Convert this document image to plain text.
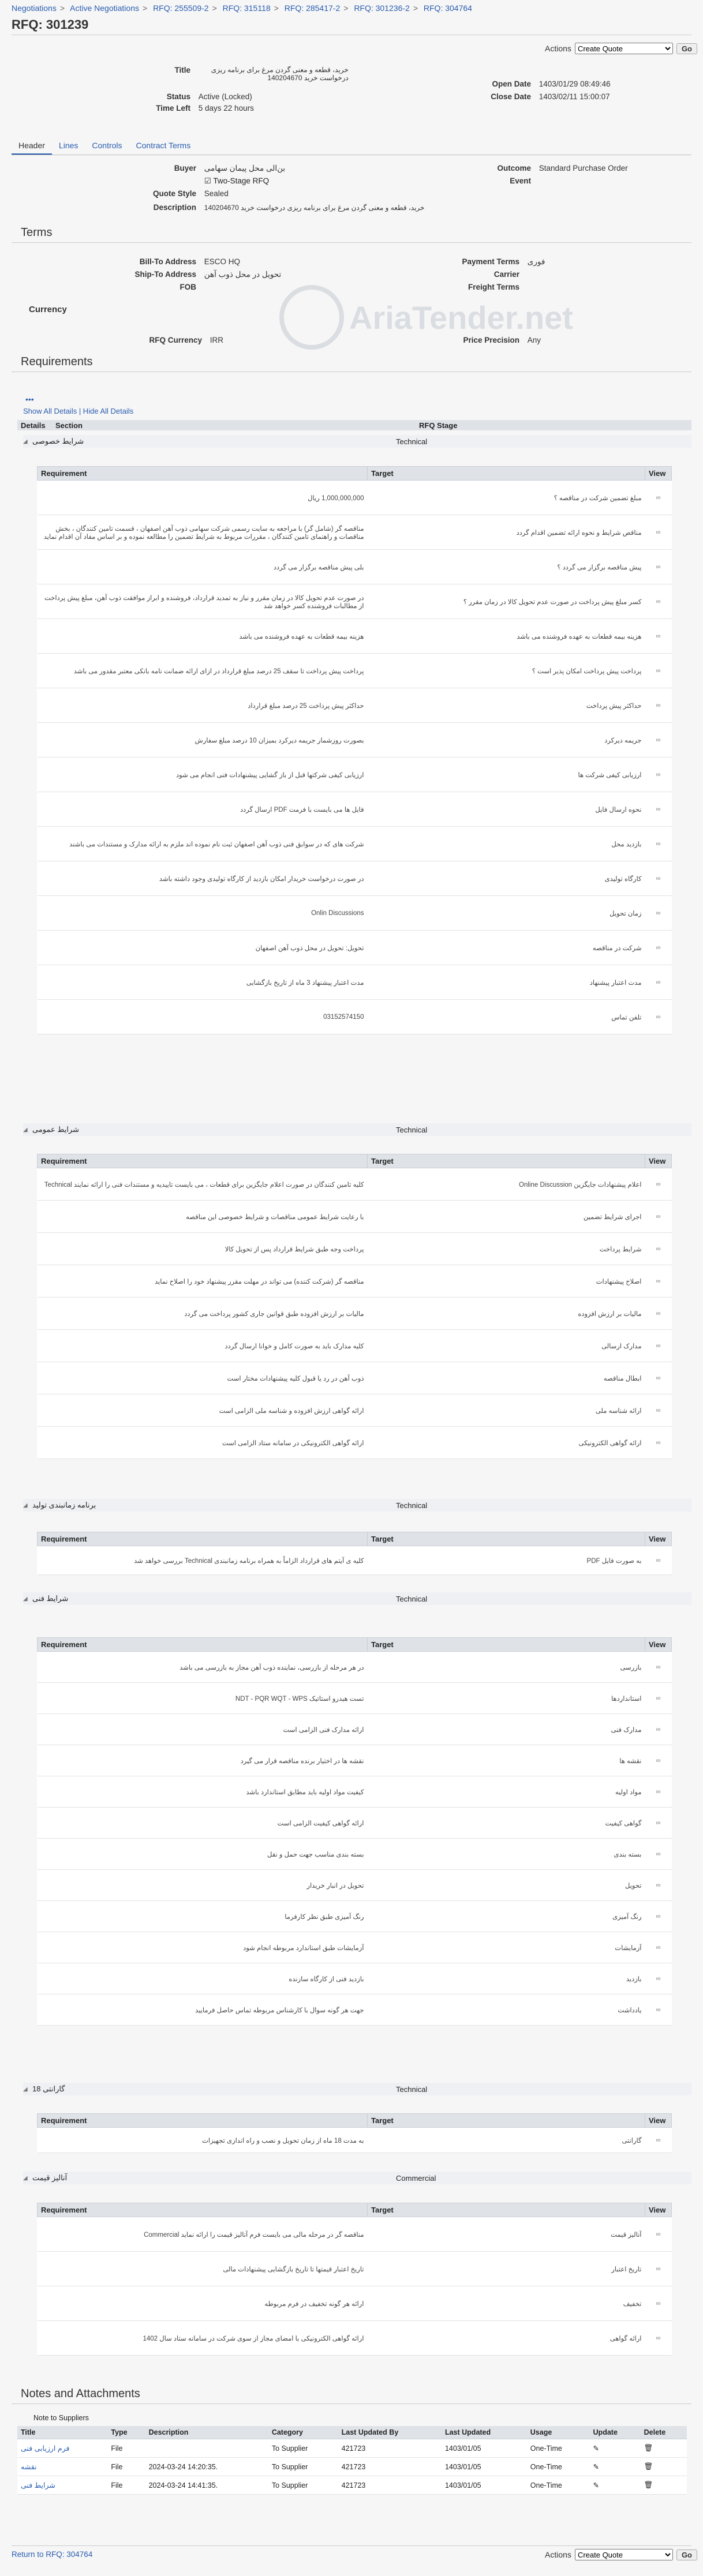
Negotiations > Active Negotiations > RFQ: 255509-2 > RFQ: 315118 > RFQ: 285417-2 > RFQ: 301236-2 > RFQ: 304764
RFQ: 301239
Actions
Create Quote	Go
Title	خرید، قطعه و معنی گردن مرغ برای برنامه ریزی درخواست خرید 140204670
Status Active (Locked)
Time Left 5 days 22 hours
Open Date 1403/01/29 08:49:46
Close Date 1403/02/11 15:00:07
Header	Lines	Controls	Contract Terms
Buyer بن‌الی محل پیمان سهامی
☑ Two-Stage RFQ
Quote Style Sealed
Description خرید، قطعه و معنی گردن مرغ برای برنامه ریزی درخواست خرید 140204670
Outcome Standard Purchase Order
Event
Terms
Bill-To Address ESCO HQ
Ship-To Address تحویل در محل ذوب آهن
FOB
Payment Terms فوری
Carrier
Freight Terms
Currency
RFQ Currency IRR	Price Precision Any
AriaTender.net
Requirements
•••
Show All Details | Hide All Details
Details	Section	RFQ Stage
◢ شرایط خصوصی	Technical
Requirement	Target	View
1,000,000,000 ریال	مبلغ تضمین شرکت در مناقصه ؟	∞
مناقصه گر (شامل گر) با مراجعه به سایت رسمی شرکت سهامی ذوب آهن اصفهان ، قسمت تامین کنندگان ، بخش مناقصات و راهنمای تامین کنندگان ، مقررات مربوط به شرایط تضمین را مطالعه نموده و بر اساس مفاد آن اقدام نماید	مناقص شرایط و نحوه ارائه تضمین اقدام گردد	∞
بلی پیش مناقصه برگزار می گردد	پیش مناقصه برگزار می گردد ؟	∞
در صورت عدم تحویل کالا در زمان مقرر و نیاز به تمدید قرارداد، فروشنده و ابراز موافقت ذوب آهن، مبلغ پیش پرداخت از مطالبات فروشنده کسر خواهد شد	کسر مبلغ پیش پرداخت در صورت عدم تحویل کالا در زمان مقرر ؟	∞
هزینه بیمه قطعات به عهده فروشنده می باشد	هزینه بیمه قطعات به عهده فروشنده می باشد	∞
پرداخت پیش پرداخت تا سقف 25 درصد مبلغ قرارداد در ازای ارائه ضمانت نامه بانکی معتبر مقدور می باشد	پرداخت پیش پرداخت امکان پذیر است ؟	∞
حداکثر پیش پرداخت 25 درصد مبلغ قرارداد	حداکثر پیش پرداخت	∞
بصورت روزشمار جریمه دیرکرد بمیزان 10 درصد مبلغ سفارش	جریمه دیرکرد	∞
ارزیابی کیفی شرکتها قبل از باز گشایی پیشنهادات فنی انجام می شود	ارزیابی کیفی شرکت ها	∞
فایل ها می بایست با فرمت PDF ارسال گردد	نحوه ارسال فایل	∞
شرکت های که در سوابق فنی ذوب آهن اصفهان ثبت نام نموده اند ملزم به ارائه مدارک و مستندات می باشند	بازدید محل	∞
در صورت درخواست خریدار امکان بازدید از کارگاه تولیدی وجود داشته باشد	کارگاه تولیدی	∞
Onlin Discussions	زمان تحویل	∞
تحویل: تحویل در محل ذوب آهن اصفهان	شرکت در مناقصه	∞
مدت اعتبار پیشنهاد 3 ماه از تاریخ بازگشایی	مدت اعتبار پیشنهاد	∞
03152574150	تلفن تماس	∞
◢ شرایط عمومی	Technical
Requirement	Target	View
کلیه تامین کنندگان در صورت اعلام جایگزین برای قطعات ، می بایست تاییدیه و مستندات فنی را ارائه نمایند Technical	اعلام پیشنهادات جایگزین Online Discussion	∞
با رعایت شرایط عمومی مناقصات و شرایط خصوصی این مناقصه	اجرای شرایط تضمین	∞
پرداخت وجه طبق شرایط قرارداد پس از تحویل کالا	شرایط پرداخت	∞
مناقصه گر (شرکت کننده) می تواند در مهلت مقرر پیشنهاد خود را اصلاح نماید	اصلاح پیشنهادات	∞
مالیات بر ارزش افزوده طبق قوانین جاری کشور پرداخت می گردد	مالیات بر ارزش افزوده	∞
کلیه مدارک باید به صورت کامل و خوانا ارسال گردد	مدارک ارسالی	∞
ذوب آهن در رد یا قبول کلیه پیشنهادات مختار است	ابطال مناقصه	∞
ارائه گواهی ارزش افزوده و شناسه ملی الزامی است	ارائه شناسه ملی	∞
ارائه گواهی الکترونیکی در سامانه ستاد الزامی است	ارائه گواهی الکترونیکی	∞
◢ برنامه زمانبندی تولید	Technical
Requirement	Target	View
کلیه ی آیتم های قرارداد الزاماً به همراه برنامه زمانبندی Technical بررسی خواهد شد	به صورت فایل PDF	∞
◢ شرایط فنی	Technical
Requirement	Target	View
در هر مرحله از بازرسی، نماینده ذوب آهن مجاز به بازرسی می باشد	بازرسی	∞
تست هیدرو استاتیک NDT - PQR WQT - WPS	استانداردها	∞
ارائه مدارک فنی الزامی است	مدارک فنی	∞
نقشه ها در اختیار برنده مناقصه قرار می گیرد	نقشه ها	∞
کیفیت مواد اولیه باید مطابق استاندارد باشد	مواد اولیه	∞
ارائه گواهی کیفیت الزامی است	گواهی کیفیت	∞
بسته بندی مناسب جهت حمل و نقل	بسته بندی	∞
تحویل در انبار خریدار	تحویل	∞
رنگ آمیزی طبق نظر کارفرما	رنگ آمیزی	∞
آزمایشات طبق استاندارد مربوطه انجام شود	آزمایشات	∞
بازدید فنی از کارگاه سازنده	بازدید	∞
جهت هر گونه سوال با کارشناس مربوطه تماس حاصل فرمایید	یادداشت	∞
◢ گارانتی 18	Technical
Requirement	Target	View
به مدت 18 ماه از زمان تحویل و نصب و راه اندازی تجهیزات	گارانتی	∞
◢ آنالیز قیمت	Commercial
Requirement	Target	View
مناقصه گر در مرحله مالی می بایست فرم آنالیز قیمت را ارائه نماید Commercial	آنالیز قیمت	∞
تاریخ اعتبار قیمتها تا تاریخ بازگشایی پیشنهادات مالی	تاریخ اعتبار	∞
ارائه هر گونه تخفیف در فرم مربوطه	تخفیف	∞
ارائه گواهی الکترونیکی با امضای مجاز از سوی شرکت در سامانه ستاد سال 1402	ارائه گواهی	∞
Notes and Attachments
Note to Suppliers
Title	Type	Description	Category	Last Updated By	Last Updated	Usage	Update	Delete
فرم ارزیابی فنی	File		To Supplier	421723	1403/01/05	One-Time	✎	🗑
نقشه	File	2024-03-24 14:20:35.	To Supplier	421723	1403/01/05	One-Time	✎	🗑
شرایط فنی	File	2024-03-24 14:41:35.	To Supplier	421723	1403/01/05	One-Time	✎	🗑
Return to RFQ: 304764	Actions
Create Quote	Go
